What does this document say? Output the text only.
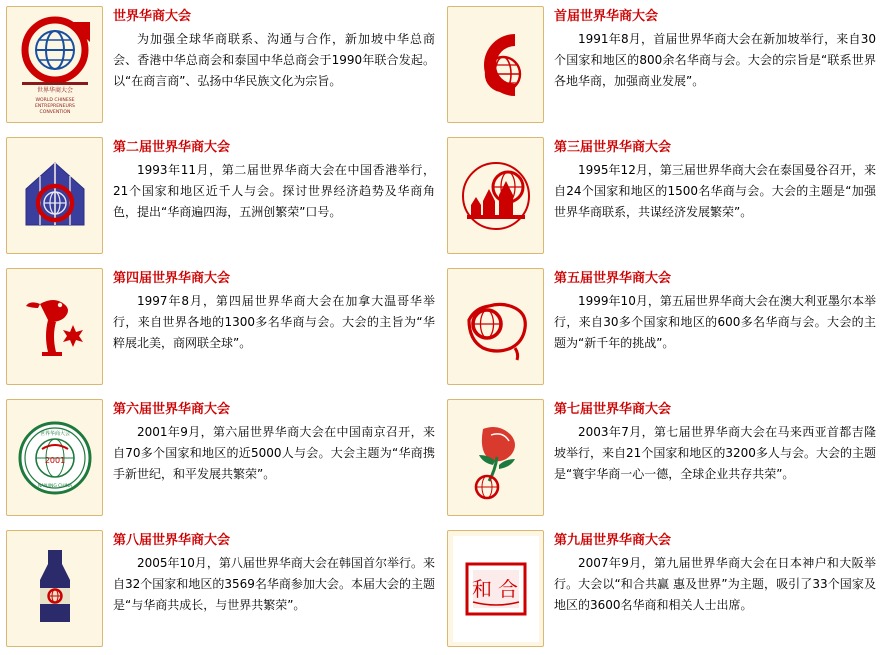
世界华商大会
WORLD CHINESE
ENTREPRENEURS
CONVENTION
世界华商大会
为加强全球华商联系、沟通与合作，新加坡中华总商会、香港中华总商会和泰国中华总商会于1990年联合发起。以“在商言商”、弘扬中华民族文化为宗旨。
首届世界华商大会
1991年8月，首届世界华商大会在新加坡举行，来自30个国家和地区的800余名华商与会。大会的宗旨是“联系世界各地华商，加强商业发展”。
第二届世界华商大会
1993年11月，第二届世界华商大会在中国香港举行，21个国家和地区近千人与会。探讨世界经济趋势及华商角色，提出“华商遍四海，五洲创繁荣”口号。
第三届世界华商大会
1995年12月，第三届世界华商大会在泰国曼谷召开，来自24个国家和地区的1500名华商与会。大会的主题是“加强世界华商联系，共谋经济发展繁荣”。
第四届世界华商大会
1997年8月，第四届世界华商大会在加拿大温哥华举行，来自世界各地的1300多名华商与会。大会的主旨为“华粹展北美，商网联全球”。
第五届世界华商大会
1999年10月，第五届世界华商大会在澳大利亚墨尔本举行，来自30多个国家和地区的600多名华商与会。大会的主题为“新千年的挑战”。
2001
世界华商大会
NANJING CHINA
第六届世界华商大会
2001年9月，第六届世界华商大会在中国南京召开，来自70多个国家和地区的近5000人与会。大会主题为“华商携手新世纪，和平发展共繁荣”。
第七届世界华商大会
2003年7月，第七届世界华商大会在马来西亚首都吉隆坡举行，来自21个国家和地区的3200多人与会。大会的主题是“寰宇华商一心一德，全球企业共存共荣”。
第八届世界华商大会
2005年10月，第八届世界华商大会在韩国首尔举行。来自32个国家和地区的3569名华商参加大会。本届大会的主题是“与华商共成长，与世界共繁荣”。
和 合
第九届世界华商大会
2007年9月，第九届世界华商大会在日本神户和大阪举行。大会以“和合共赢 惠及世界”为主题，吸引了33个国家及地区的3600名华商和相关人士出席。
